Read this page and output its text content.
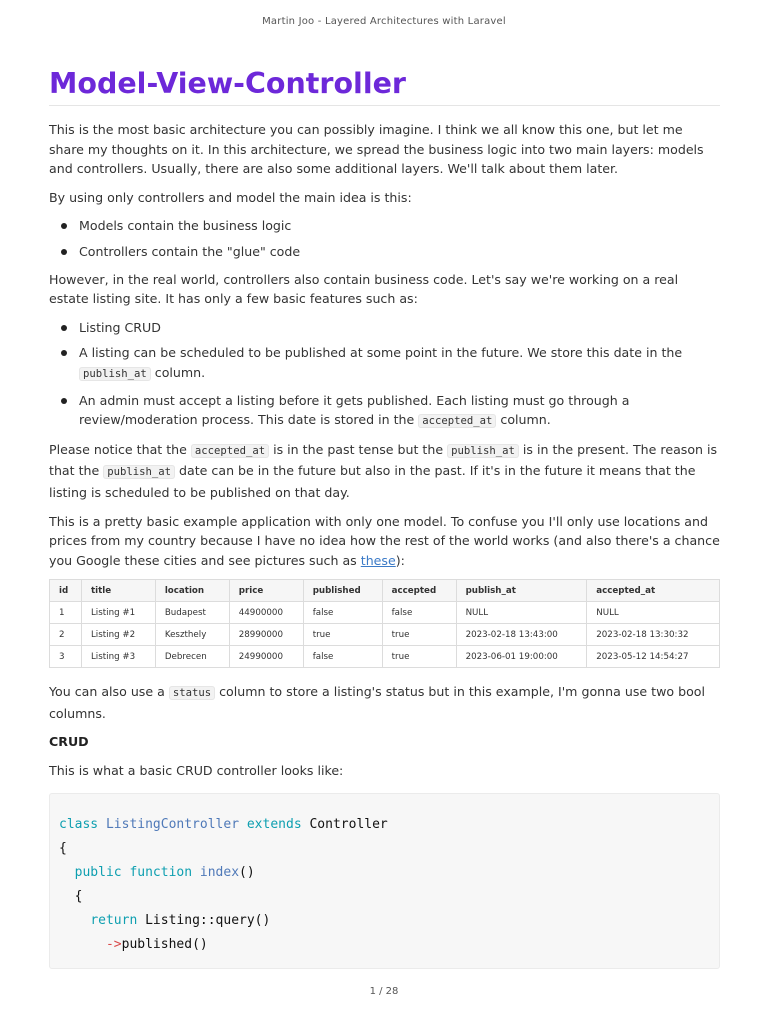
Martin Joo - Layered Architectures with Laravel
Model-View-Controller

This is the most basic architecture you can possibly imagine. I think we all know this one, but let me share my thoughts on it. In this architecture, we spread the business logic into two main layers: models and controllers. Usually, there are also some additional layers. We'll talk about them later.

By using only controllers and model the main idea is this:

Models contain the business logic
Controllers contain the "glue" code

However, in the real world, controllers also contain business code. Let's say we're working on a real estate listing site. It has only a few basic features such as:

Listing CRUD
A listing can be scheduled to be published at some point in the future. We store this date in the publish_at column.
An admin must accept a listing before it gets published. Each listing must go through a review/moderation process. This date is stored in the accepted_at column.

Please notice that the accepted_at is in the past tense but the publish_at is in the present. The reason is that the publish_at date can be in the future but also in the past. If it's in the future it means that the listing is scheduled to be published on that day.

This is a pretty basic example application with only one model. To confuse you I'll only use locations and prices from my country because I have no idea how the rest of the world works (and also there's a chance you Google these cities and see pictures such as these):

id	title	location	price	published	accepted	publish_at	accepted_at
1	Listing #1	Budapest	44900000	false	false	NULL	NULL
2	Listing #2	Keszthely	28990000	true	true	2023-02-18 13:43:00	2023-02-18 13:30:32
3	Listing #3	Debrecen	24990000	false	true	2023-06-01 19:00:00	2023-05-12 14:54:27

You can also use a status column to store a listing's status but in this example, I'm gonna use two bool columns.

CRUD

This is what a basic CRUD controller looks like:

class ListingController extends Controller
{
public function index()
{
return Listing::query()
->published()
1 / 28
